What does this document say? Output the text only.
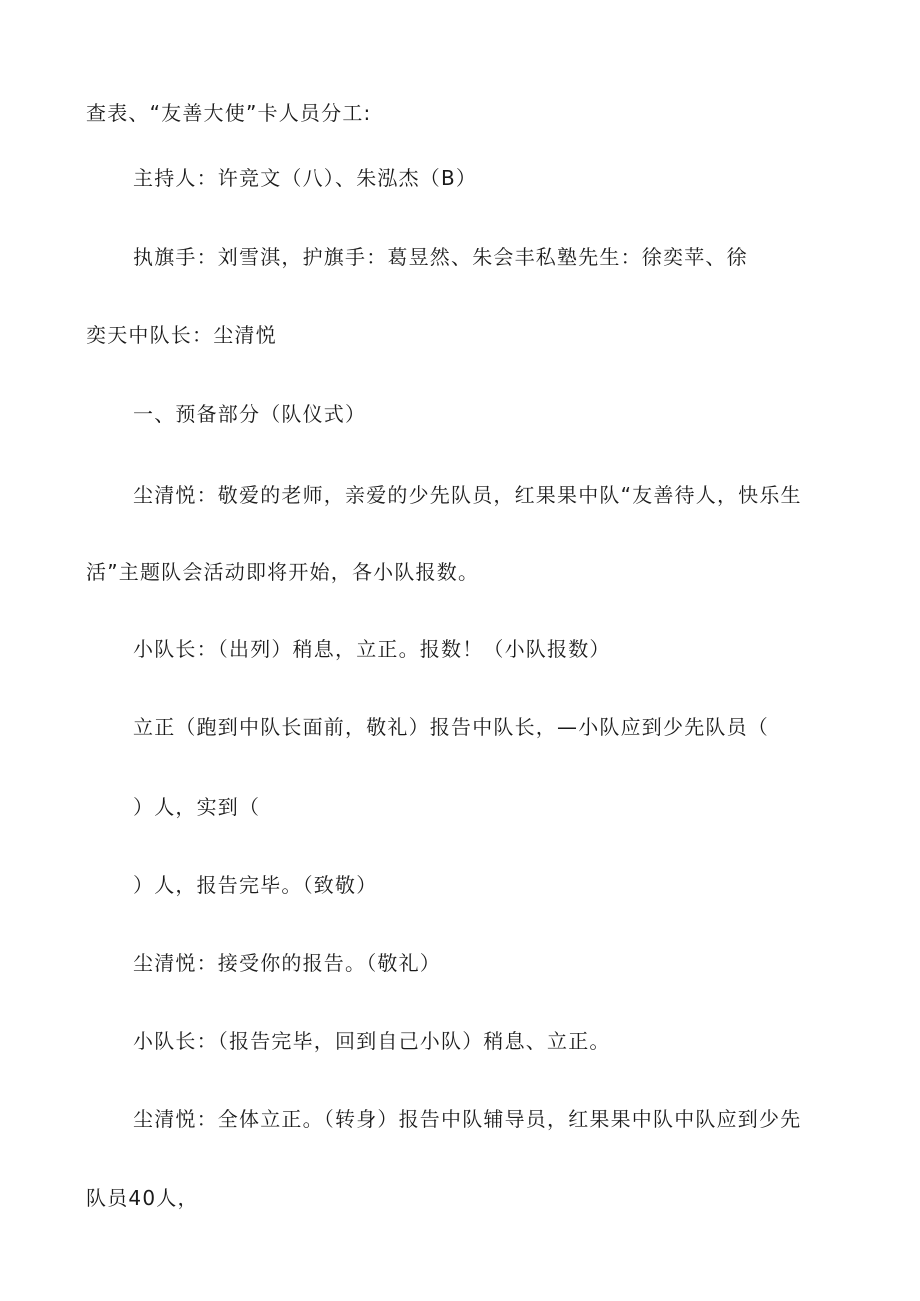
查表、“友善大使”卡人员分工:
主持人：许竞文（八）、朱泓杰（B）
执旗手：刘雪淇，护旗手：葛昱然、朱会丰私塾先生：徐奕苹、徐
奕天中队长：尘清悦
一、预备部分（队仪式）
尘清悦：敬爱的老师，亲爱的少先队员，红果果中队“友善待人，快乐生
活”主题队会活动即将开始，各小队报数。
小队长：（出列）稍息，立正。报数！（小队报数）
立正（跑到中队长面前，敬礼）报告中队长，—小队应到少先队员（
）人，实到（
）人，报告完毕。（致敬）
尘清悦：接受你的报告。（敬礼）
小队长：（报告完毕，回到自己小队）稍息、立正。
尘清悦：全体立正。（转身）报告中队辅导员，红果果中队中队应到少先
队员40人，
